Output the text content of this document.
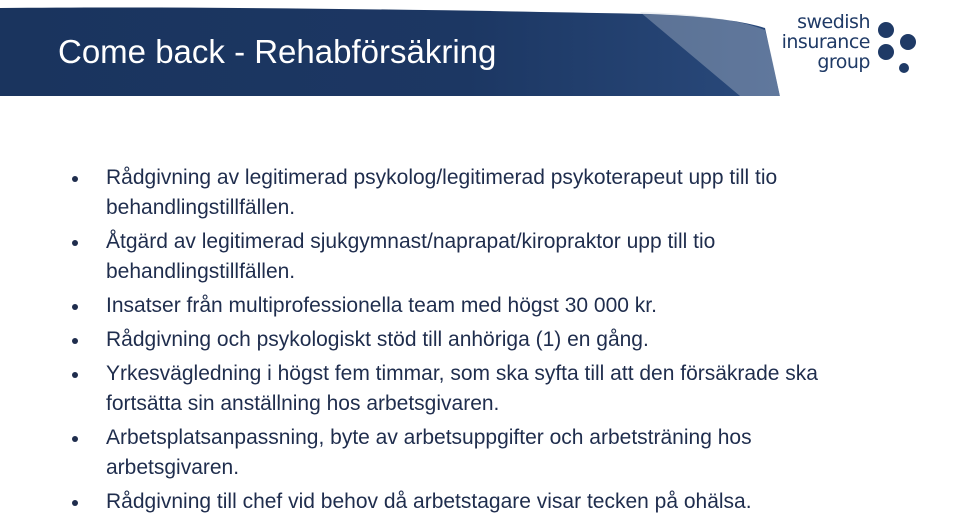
Come back - Rehabförsäkring
swedish
insurance
group
Rådgivning av legitimerad psykolog/legitimerad psykoterapeut upp till tio behandlingstillfällen.
Åtgärd av legitimerad sjukgymnast/naprapat/kiropraktor upp till tio behandlingstillfällen.
Insatser från multiprofessionella team med högst 30 000 kr.
Rådgivning och psykologiskt stöd till anhöriga (1) en gång.
Yrkesvägledning i högst fem timmar, som ska syfta till att den försäkrade ska fortsätta sin anställning hos arbetsgivaren.
Arbetsplatsanpassning, byte av arbetsuppgifter och arbetsträning hos arbetsgivaren.
Rådgivning till chef vid behov då arbetstagare visar tecken på ohälsa.
